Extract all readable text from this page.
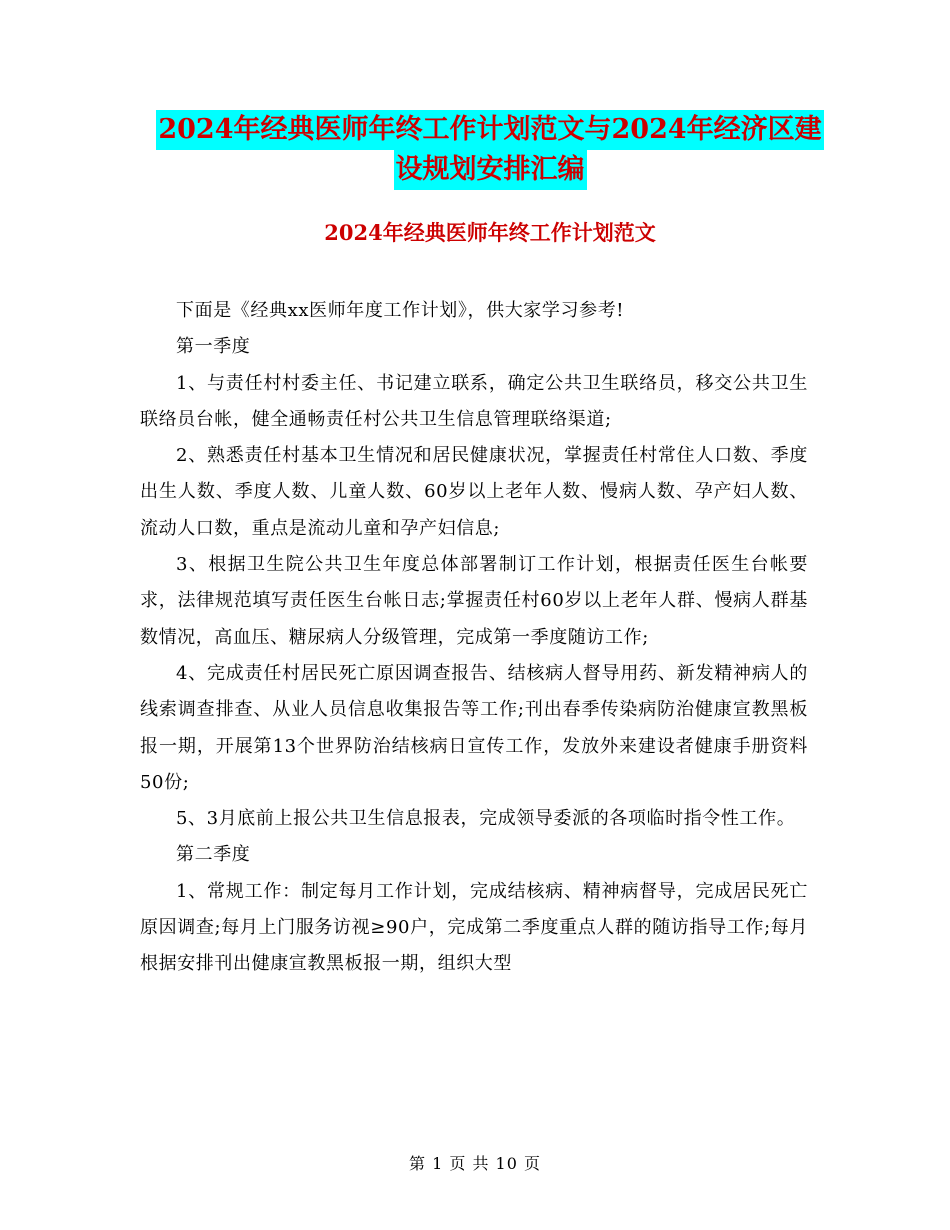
2024年经典医师年终工作计划范文与2024年经济区建
设规划安排汇编
2024年经典医师年终工作计划范文

下面是《经典xx医师年度工作计划》，供大家学习参考!

第一季度

1、与责任村村委主任、书记建立联系，确定公共卫生联络员，移交公共卫生联络员台帐，健全通畅责任村公共卫生信息管理联络渠道;

2、熟悉责任村基本卫生情况和居民健康状况，掌握责任村常住人口数、季度出生人数、季度人数、儿童人数、60岁以上老年人数、慢病人数、孕产妇人数、流动人口数，重点是流动儿童和孕产妇信息;

3、根据卫生院公共卫生年度总体部署制订工作计划，根据责任医生台帐要求，法律规范填写责任医生台帐日志;掌握责任村60岁以上老年人群、慢病人群基数情况，高血压、糖尿病人分级管理，完成第一季度随访工作;

4、完成责任村居民死亡原因调查报告、结核病人督导用药、新发精神病人的线索调查排查、从业人员信息收集报告等工作;刊出春季传染病防治健康宣教黑板报一期，开展第13个世界防治结核病日宣传工作，发放外来建设者健康手册资料50份;

5、3月底前上报公共卫生信息报表，完成领导委派的各项临时指令性工作。

第二季度

1、常规工作：制定每月工作计划，完成结核病、精神病督导，完成居民死亡原因调查;每月上门服务访视≥90户，完成第二季度重点人群的随访指导工作;每月根据安排刊出健康宣教黑板报一期，组织大型

第 1 页 共 10 页
